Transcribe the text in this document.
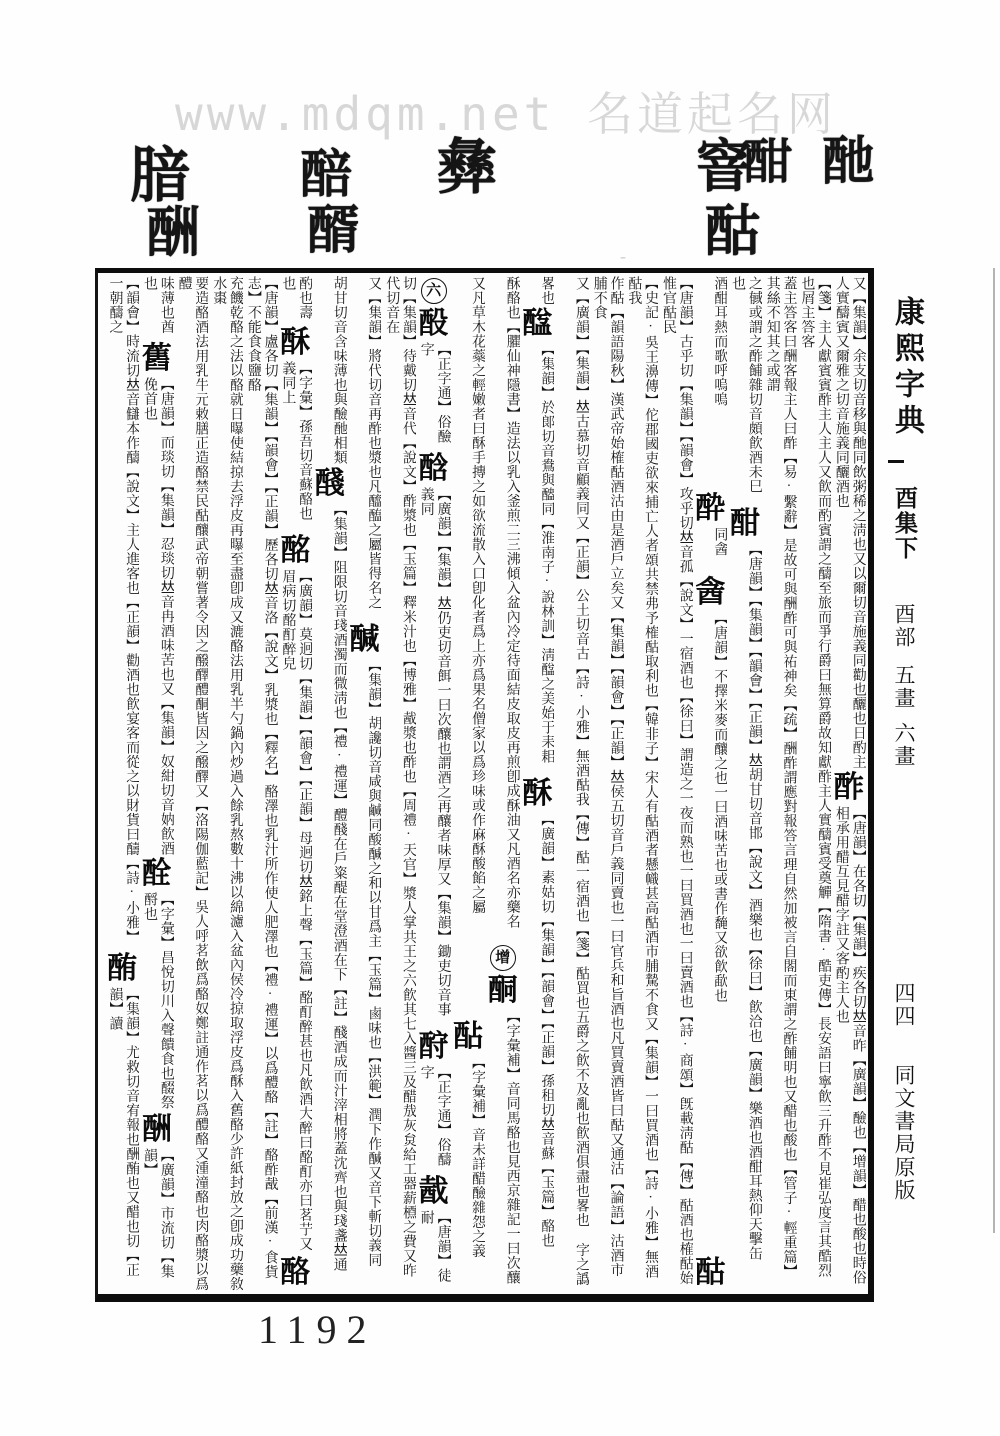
www.mdqm.net 名道起名网
-
腤
酬
醅
醑
彝	窨
酣
酤
酏
又【集韻】余支切音移與酏同飲粥稀之淸也又以爾切音施義同勸也釃也日酌主人實醻賓又爾雅之切音施義同釃酒也
酢
【唐韻】在各切【集韻】疾各切𠀤音昨【廣韻】醶也【增韻】醋也酸也時俗相承用醋互見醋字註又客酌主人也
【箋】主人獻賓賓酢主人主人又飮而酌賓謂之醻至旅而爭行爵曰無算爵故知獻酢主人實醻賓受奠觶【隋書·酷吏傳】長安語曰寧飮三升酢不見崔弘度言其酷烈也屑主答客
蓋主答客曰酬客報主人曰酢【易·繫辭】是故可與酬酢可與祐神矣【疏】酬酢謂應對報答言理自然加被言自閤而東謂之酢餔明也又醋也酸也【管子·輕重篇】其絲不知其之或謂
之戫或謂之酢餔雜切音頗飮酒未巳也
酣
【唐韻】【集韻】【韻會】【正韻】𠀤胡甘切音邯【說文】酒樂也【徐曰】飮洽也【廣韻】樂酒也酒酣耳熱仰天擊缶
酒酣耳熱而歌呼嗚嗚
酔
同酓
酓
【唐韻】不擇米麥而釀之也一曰酒味苦也或書作馣又欲飮歃也
酤
【唐韻】古乎切【集韻】【韻會】攻乎切𠀤音孤【說文】一宿酒也【徐曰】謂造之一夜而熟也一曰買酒也一曰賣酒也【詩·商頌】旣載淸酤【傳】酤酒也榷酤始惟官酤民
【史記·吳王濞傳】佗郡國吏欲來捕亡人者頌共禁弗予榷酤取利也【韓非子】宋人有酤酒者懸幟甚高酤酒市脯騺不食又【集韻】一曰買酒也【詩·小雅】無酒酤我
作酤【韻語陽秋】漢武帝始榷酤酒沽由是酒戶立矣又【集韻】【韻會】【正韻】𠀤侯五切音戶義同賣也一曰官兵和旨酒也凡買賣酒皆曰酤又通沽【論語】沽酒市脯不食
又【廣韻】【集韻】𠀤古慕切音顧義同又【正韻】公土切音古【詩·小雅】無酒酤我【傳】酤一宿酒也【箋】酤買也五爵之飮不及亂也飮酒俱盡也畧也𨠛字之譌
畧也
䤈
【集韻】於郞切音鴦與醠同【淮南子·說林訓】淸䤈之美始于耒耜
酥
【廣韻】素姑切【集韻】【韻會】【正韻】孫租切𠀤音蘇【玉篇】酪也
酥酪也【臞仙神隱書】造法以乳入釜煎二三沸傾入盆內冷定待面結皮取皮再煎卽成酥油又凡酒名亦藥名
增
酮
【字彙補】音同馬酪也見西京雜記一曰次釀
又凡草木花蘂之輕嫩者曰酥手摶之如欲流散入口卽化者爲上亦爲果名僧家以爲珍味或作麻酥酸餡之屬
酟
【字彙補】音未詳醋醶雜怨之義
六
酘
【正字通】俗醶字
䣻
【廣韻】【集韻】𠀤仍吏切音餌一曰次釀也謂酒之再釀者味厚又【集韻】鋤吏切音事義同
酧
【正字通】俗醻字
酨
【唐韻】徒耐
切【集韻】待戴切𠀤音代【說文】酢漿也【玉篇】釋米汁也【博雅】酨漿也酢也【周禮·天官】漿人掌共王之六飮其七入醬三及醋㦲灰炱給工器薪槱之費又昨代切音在
又【集韻】將代切音再酢也漿也凡醯醢之屬皆得名之
醎
【集韻】胡讒切音咸與鹹同酸醎之和以甘爲主【玉篇】鹵味也【洪範】潤下作醎又音下斬切義同
胡甘切音含味薄也與醶酏相類
醆
【集韻】阻限切音琖酒濁而微淸也【禮·禮運】醴醆在戶粢醍在堂澄酒在下【註】醆酒成而汁滓相將蓋沈齊也與琖盞𠀤通
酌也壽也
酥
【字彙】孫吾切音蘇酪也義同上
酩
【廣韻】莫迥切【集韻】【韻會】【正韻】母迥切𠀤銘上聲【玉篇】酩酊醉甚也凡飮酒大醉曰酩酊亦曰茗艼又眉病切酩酊醉皃
酪
【唐韻】盧各切【集韻】【韻會】【正韻】歷各切𠀤音洛【說文】乳漿也【釋名】酪澤也乳汁所作使人肥澤也【禮·禮運】以爲醴酪【註】酪酢酨【前漢·食貨志】不能食食鹽酪
充饑乾酪之法以酪就日曝使結掠去浮皮再曝至盡卽成又漉酪法用乳半勺鍋內炒過入餘乳熬數十沸以綿濾入盆內侯冷掠取浮皮爲酥入舊酪少許紙封放之卽成功藥敘水棗
要造酪酒法用乳牛元敕膳正造酪禁民酤釀武帝朝嘗著令因之醱醳醴酮皆因之醱醳又【洛陽伽藍記】吳人呼茗飲爲酪奴鄭註通作茗以爲醴酪又湩潼酪也肉酪漿以爲醴
味薄也酋也
舊
【唐韻】而琰切【集韻】忍琰切𠀤音冉酒味苦也又【集韻】奴紺切音妠飮酒俛首也
酫
【字彙】昌悅切川入聲饋食也醊祭酹也
酬
【廣韻】市流切【集韻】
【韻會】時流切𠀤音讎本作醻【說文】主人進客也【正韻】勸酒也飮宴客而從之以財貨曰醻【詩·小雅】一朝醻之
酭
【集韻】尤救切音宥報也酬酭也又醋也切【正韻】讀
康熙字典
酉集下
酉部
五畫
六畫
四四
同文書局原版
1192
